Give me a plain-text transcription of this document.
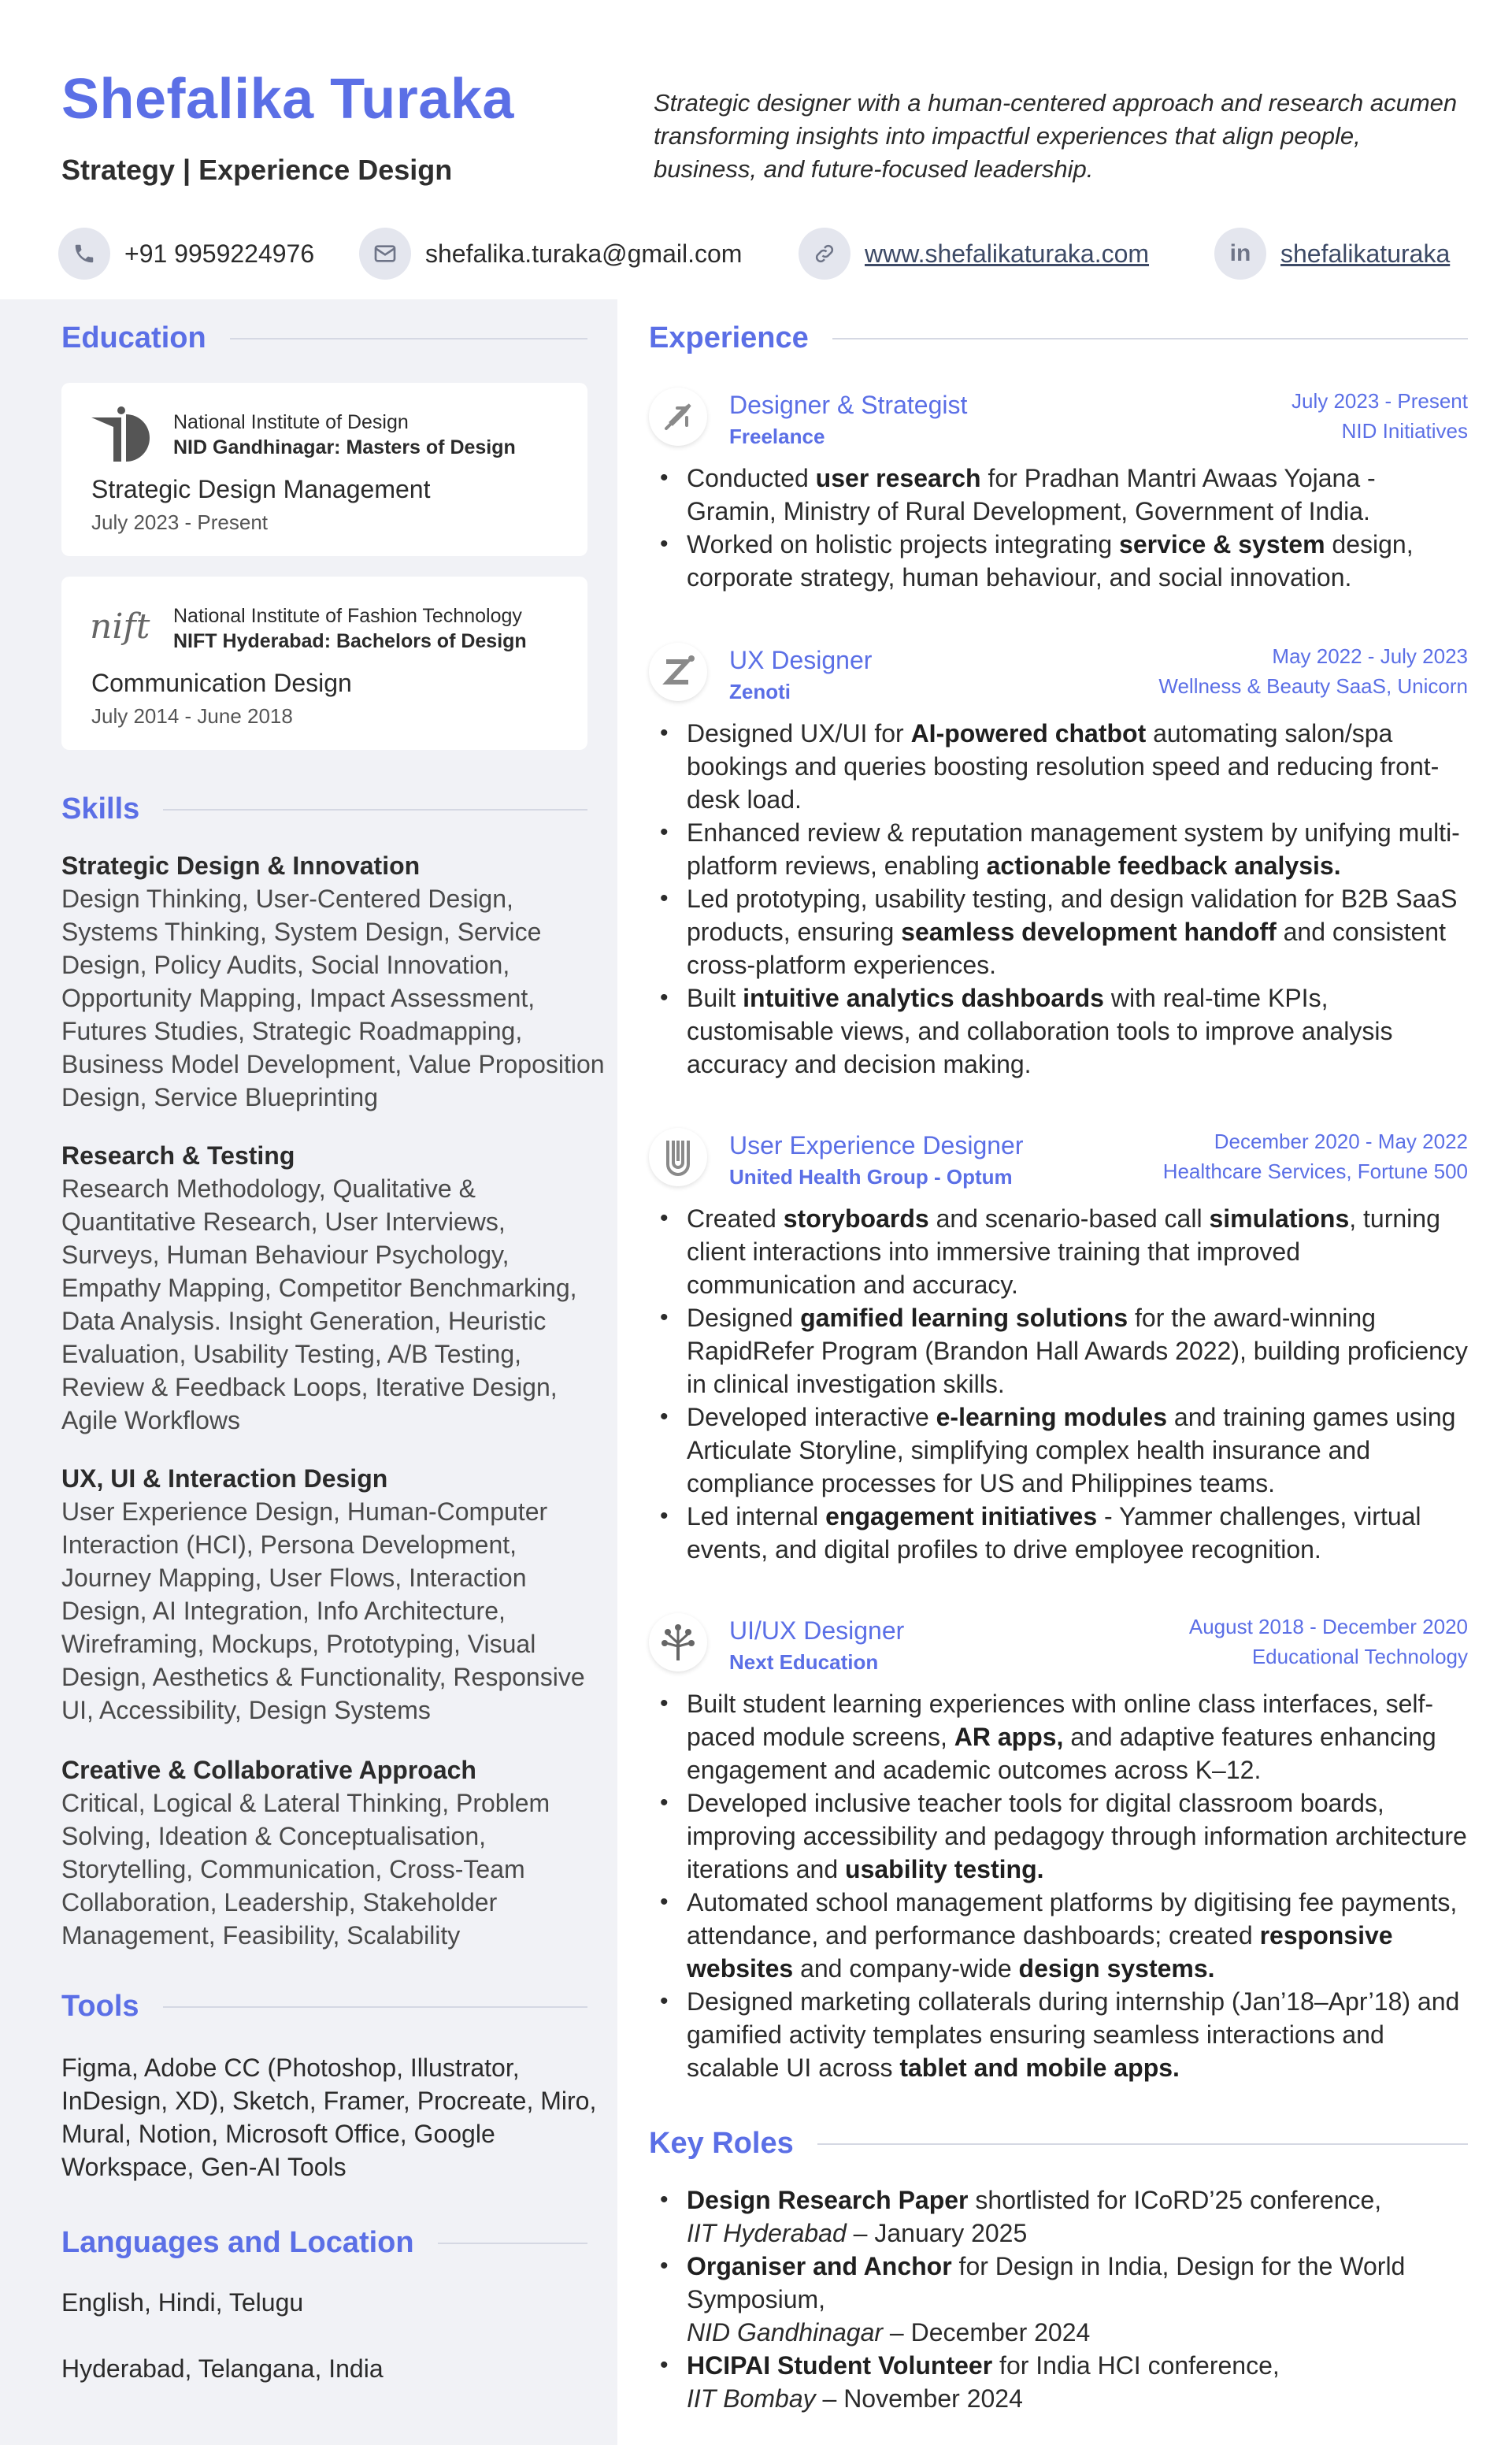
Shefalika Turaka
Strategy | Experience Design
Strategic designer with a human-centered approach and research acumen transforming insights into impactful experiences that align people, business, and future-focused leadership.
+91 9959224976	shefalika.turaka@gmail.com	www.shefalikaturaka.com	in shefalikaturaka
Education
National Institute of Design
NID Gandhinagar: Masters of Design
Strategic Design Management
July 2023 - Present
nift National Institute of Fashion Technology
NIFT Hyderabad: Bachelors of Design
Communication Design
July 2014 - June 2018
Skills
Strategic Design & Innovation
Design Thinking, User-Centered Design, Systems Thinking, System Design, Service Design, Policy Audits, Social Innovation, Opportunity Mapping, Impact Assessment, Futures Studies, Strategic Roadmapping, Business Model Development, Value Proposition Design, Service Blueprinting
Research & Testing
Research Methodology, Qualitative & Quantitative Research, User Interviews, Surveys, Human Behaviour Psychology, Empathy Mapping, Competitor Benchmarking, Data Analysis. Insight Generation, Heuristic Evaluation, Usability Testing, A/B Testing, Review & Feedback Loops, Iterative Design, Agile Workflows
UX, UI & Interaction Design
User Experience Design, Human-Computer Interaction (HCI), Persona Development, Journey Mapping, User Flows, Interaction Design, AI Integration, Info Architecture, Wireframing, Mockups, Prototyping, Visual Design, Aesthetics & Functionality, Responsive UI, Accessibility, Design Systems
Creative & Collaborative Approach
Critical, Logical & Lateral Thinking, Problem Solving, Ideation & Conceptualisation, Storytelling, Communication, Cross-Team Collaboration, Leadership, Stakeholder Management, Feasibility, Scalability
Tools
Figma, Adobe CC (Photoshop, Illustrator, InDesign, XD), Sketch, Framer, Procreate, Miro, Mural, Notion, Microsoft Office, Google Workspace, Gen-AI Tools
Languages and Location
English, Hindi, Telugu
Hyderabad, Telangana, India
Experience
Designer & Strategist
Freelance
July 2023 - Present
NID Initiatives
• Conducted user research for Pradhan Mantri Awaas Yojana - Gramin, Ministry of Rural Development, Government of India.
• Worked on holistic projects integrating service & system design, corporate strategy, human behaviour, and social innovation.
UX Designer
Zenoti
May 2022 - July 2023
Wellness & Beauty SaaS, Unicorn
• Designed UX/UI for AI-powered chatbot automating salon/spa bookings and queries boosting resolution speed and reducing front-desk load.
• Enhanced review & reputation management system by unifying multi-platform reviews, enabling actionable feedback analysis.
• Led prototyping, usability testing, and design validation for B2B SaaS products, ensuring seamless development handoff and consistent cross-platform experiences.
• Built intuitive analytics dashboards with real-time KPIs, customisable views, and collaboration tools to improve analysis accuracy and decision making.
User Experience Designer
United Health Group - Optum
December 2020 - May 2022
Healthcare Services, Fortune 500
• Created storyboards and scenario-based call simulations, turning client interactions into immersive training that improved communication and accuracy.
• Designed gamified learning solutions for the award-winning RapidRefer Program (Brandon Hall Awards 2022), building proficiency in clinical investigation skills.
• Developed interactive e-learning modules and training games using Articulate Storyline, simplifying complex health insurance and compliance processes for US and Philippines teams.
• Led internal engagement initiatives - Yammer challenges, virtual events, and digital profiles to drive employee recognition.
UI/UX Designer
Next Education
August 2018 - December 2020
Educational Technology
• Built student learning experiences with online class interfaces, self-paced module screens, AR apps, and adaptive features enhancing engagement and academic outcomes across K–12.
• Developed inclusive teacher tools for digital classroom boards, improving accessibility and pedagogy through information architecture iterations and usability testing.
• Automated school management platforms by digitising fee payments, attendance, and performance dashboards; created responsive websites and company-wide design systems.
• Designed marketing collaterals during internship (Jan’18–Apr’18) and gamified activity templates ensuring seamless interactions and scalable UI across tablet and mobile apps.
Key Roles
• Design Research Paper shortlisted for ICoRD’25 conference,
IIT Hyderabad – January 2025
• Organiser and Anchor for Design in India, Design for the World Symposium,
NID Gandhinagar – December 2024
• HCIPAI Student Volunteer for India HCI conference,
IIT Bombay – November 2024
